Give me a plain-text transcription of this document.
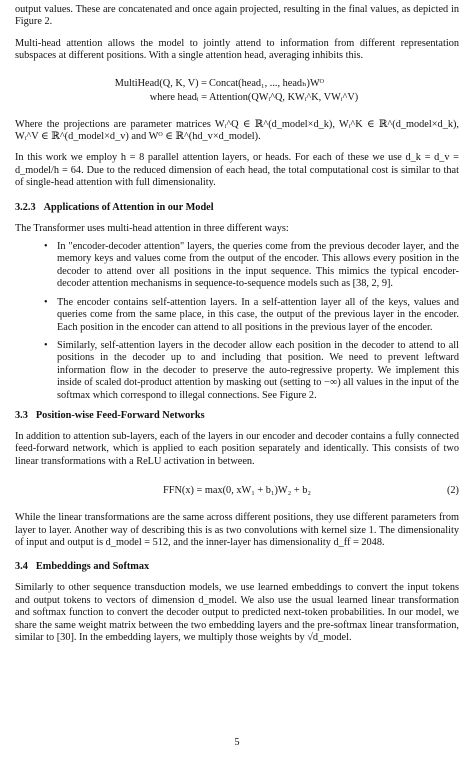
output values. These are concatenated and once again projected, resulting in the final values, as depicted in Figure 2.

Multi-head attention allows the model to jointly attend to information from different representation subspaces at different positions. With a single attention head, averaging inhibits this.

MultiHead(Q, K, V) = Concat(head₁, ..., headₕ)Wᴼ
where headᵢ = Attention(QWᵢ^Q, KWᵢ^K, VWᵢ^V)

Where the projections are parameter matrices Wᵢ^Q ∈ ℝ^(d_model×d_k), Wᵢ^K ∈ ℝ^(d_model×d_k), Wᵢ^V ∈ ℝ^(d_model×d_v) and Wᴼ ∈ ℝ^(hd_v×d_model).

In this work we employ h = 8 parallel attention layers, or heads. For each of these we use d_k = d_v = d_model/h = 64. Due to the reduced dimension of each head, the total computational cost is similar to that of single-head attention with full dimensionality.

3.2.3 Applications of Attention in our Model

The Transformer uses multi-head attention in three different ways:

• In "encoder-decoder attention" layers, the queries come from the previous decoder layer, and the memory keys and values come from the output of the encoder. This allows every position in the decoder to attend over all positions in the input sequence. This mimics the typical encoder-decoder attention mechanisms in sequence-to-sequence models such as [38, 2, 9].
• The encoder contains self-attention layers. In a self-attention layer all of the keys, values and queries come from the same place, in this case, the output of the previous layer in the encoder. Each position in the encoder can attend to all positions in the previous layer of the encoder.
• Similarly, self-attention layers in the decoder allow each position in the decoder to attend to all positions in the decoder up to and including that position. We need to prevent leftward information flow in the decoder to preserve the auto-regressive property. We implement this inside of scaled dot-product attention by masking out (setting to −∞) all values in the input of the softmax which correspond to illegal connections. See Figure 2.
3.3 Position-wise Feed-Forward Networks

In addition to attention sub-layers, each of the layers in our encoder and decoder contains a fully connected feed-forward network, which is applied to each position separately and identically. This consists of two linear transformations with a ReLU activation in between.

FFN(x) = max(0, xW₁ + b₁)W₂ + b₂	(2)

While the linear transformations are the same across different positions, they use different parameters from layer to layer. Another way of describing this is as two convolutions with kernel size 1. The dimensionality of input and output is d_model = 512, and the inner-layer has dimensionality d_ff = 2048.

3.4 Embeddings and Softmax

Similarly to other sequence transduction models, we use learned embeddings to convert the input tokens and output tokens to vectors of dimension d_model. We also use the usual learned linear transformation and softmax function to convert the decoder output to predicted next-token probabilities. In our model, we share the same weight matrix between the two embedding layers and the pre-softmax linear transformation, similar to [30]. In the embedding layers, we multiply those weights by √d_model.

5
